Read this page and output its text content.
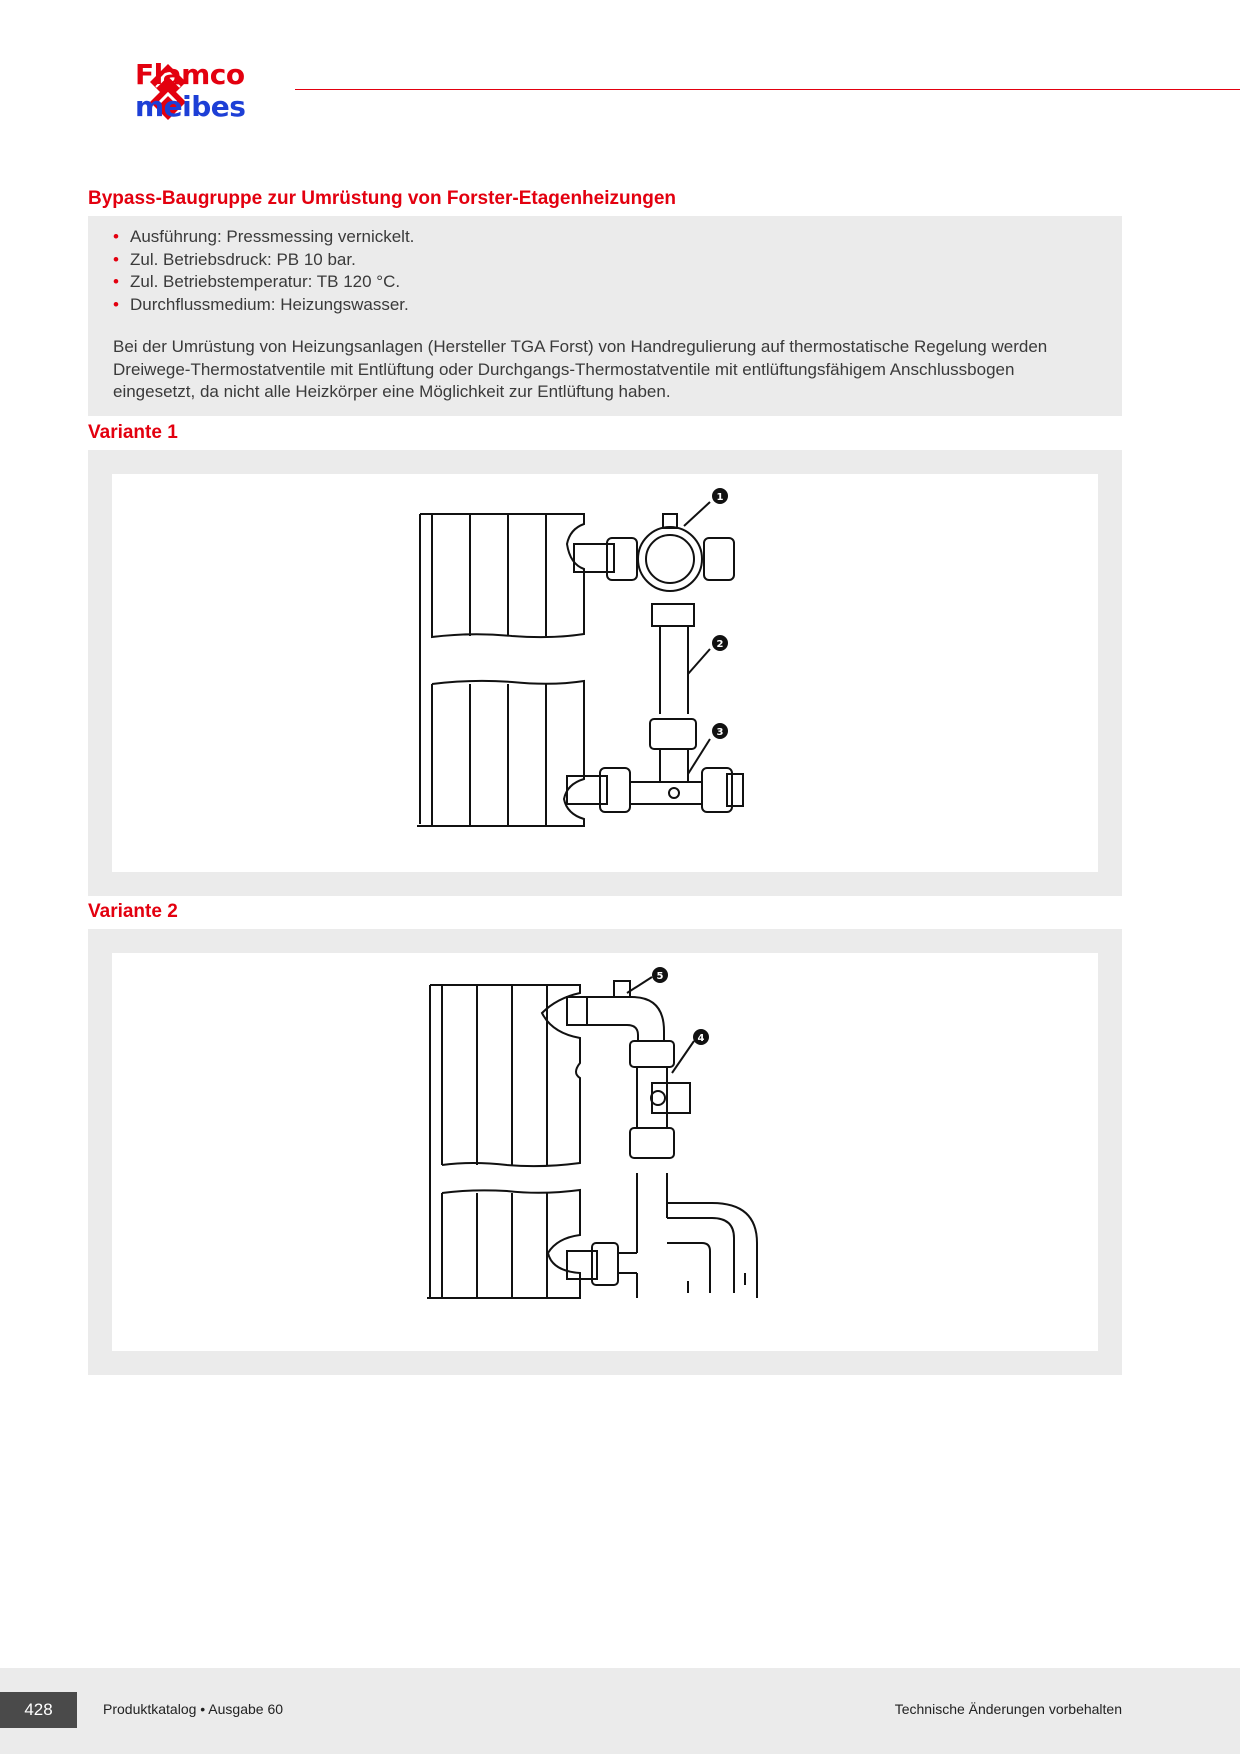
Flamco
meibes
Bypass-Baugruppe zur Umrüstung von Forster-Etagenheizungen
• Ausführung: Pressmessing vernickelt.
• Zul. Betriebsdruck: PB 10 bar.
• Zul. Betriebstemperatur: TB 120 °C.
• Durchflussmedium: Heizungswasser.

Bei der Umrüstung von Heizungsanlagen (Hersteller TGA Forst) von Handregulierung auf thermostatische Regelung werden Dreiwege-Thermostatventile mit Entlüftung oder Durchgangs-Thermostatventile mit entlüftungsfähigem Anschlussbogen eingesetzt, da nicht alle Heizkörper eine Möglichkeit zur Entlüftung haben.

Variante 1
1
2
3
Variante 2
5
4
428	Produktkatalog • Ausgabe 60	Technische Änderungen vorbehalten
